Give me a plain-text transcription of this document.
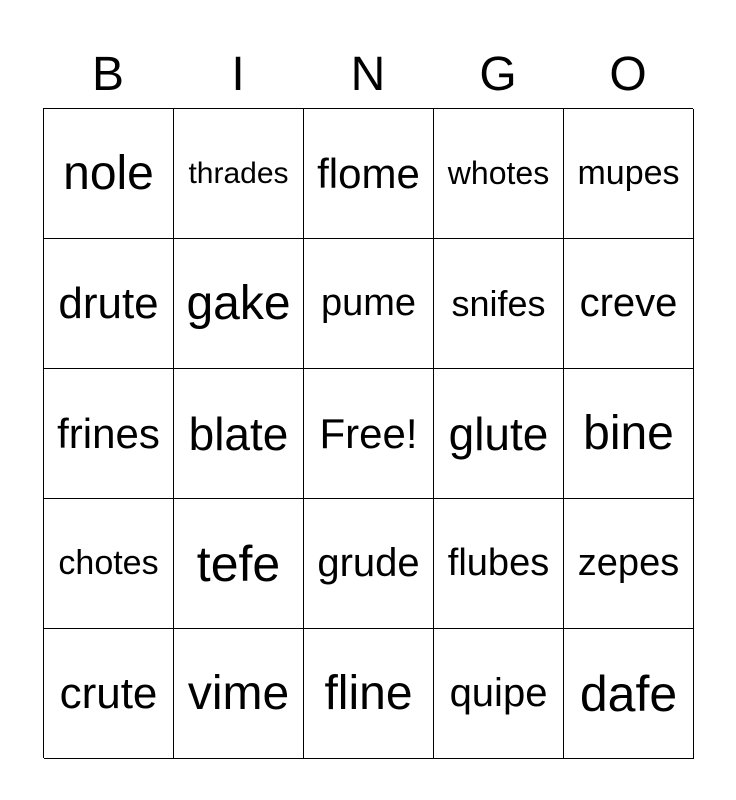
B	I	N	G	O
nole	thrades flome whotes mupes
drute gake pume snifes creve
frines blate Free! glute bine
chotes tefe grude flubes zepes
crute vime fline quipe dafe
